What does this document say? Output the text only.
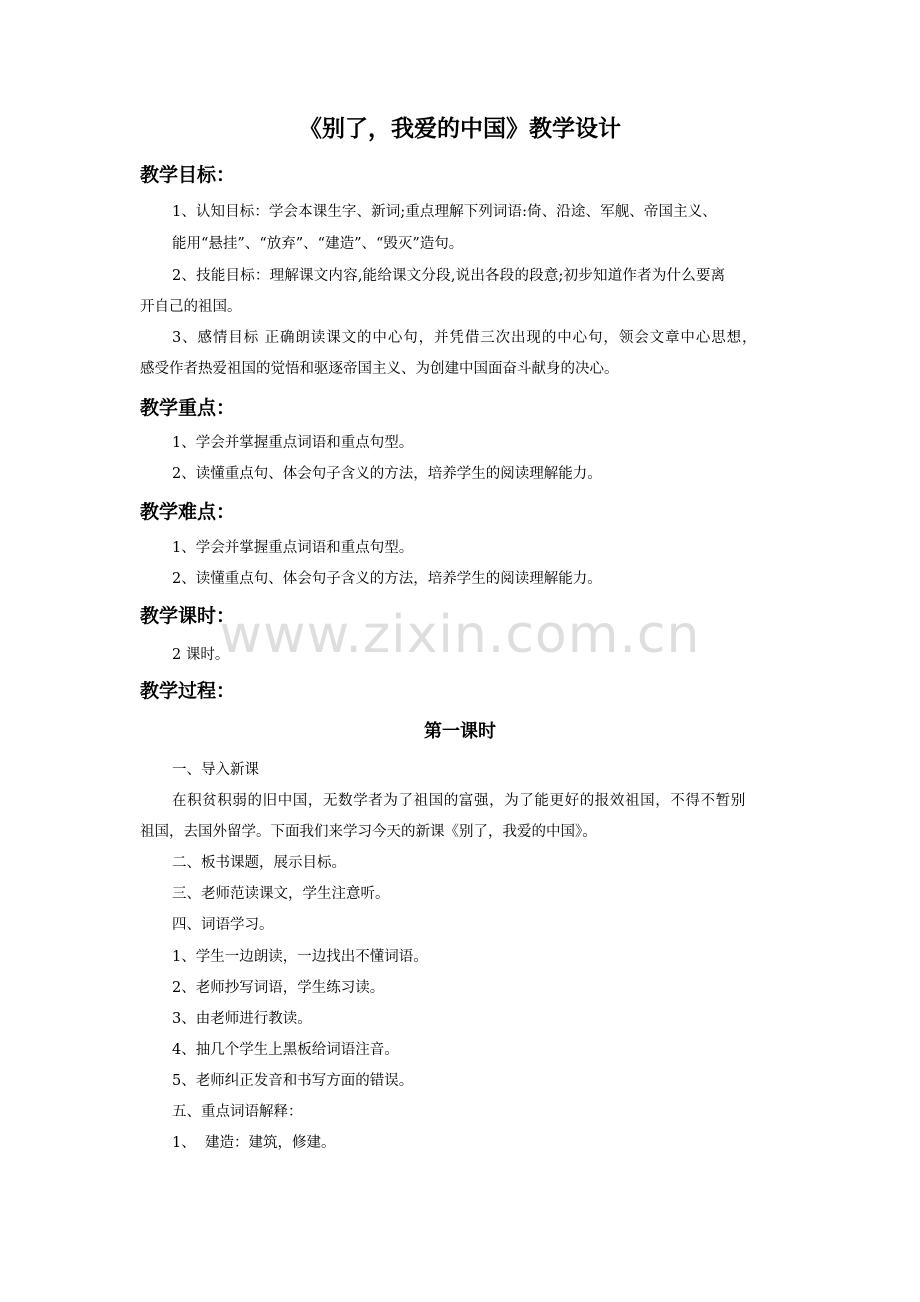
www.zixin.com.cn
《别了，我爱的中国》教学设计
教学目标：
1、认知目标：学会本课生字、新词;重点理解下列词语:倚、沿途、军舰、帝国主义、
能用“悬挂”、“放弃”、“建造”、“毁灭”造句。
2、技能目标：理解课文内容,能给课文分段,说出各段的段意;初步知道作者为什么要离
开自己的祖国。
3、感情目标 正确朗读课文的中心句，并凭借三次出现的中心句，领会文章中心思想，
感受作者热爱祖国的觉悟和驱逐帝国主义、为创建中国面奋斗献身的决心。
教学重点：
1、学会并掌握重点词语和重点句型。
2、读懂重点句、体会句子含义的方法，培养学生的阅读理解能力。
教学难点：
1、学会并掌握重点词语和重点句型。
2、读懂重点句、体会句子含义的方法，培养学生的阅读理解能力。
教学课时：
2 课时。
教学过程：
第一课时
一、导入新课
在积贫积弱的旧中国，无数学者为了祖国的富强，为了能更好的报效祖国，不得不暂别
祖国，去国外留学。下面我们来学习今天的新课《别了，我爱的中国》。
二、板书课题，展示目标。
三、老师范读课文，学生注意听。
四、词语学习。
1、学生一边朗读，一边找出不懂词语。
2、老师抄写词语，学生练习读。
3、由老师进行教读。
4、抽几个学生上黑板给词语注音。
5、老师纠正发音和书写方面的错误。
五、重点词语解释：
1、  建造：建筑，修建。
